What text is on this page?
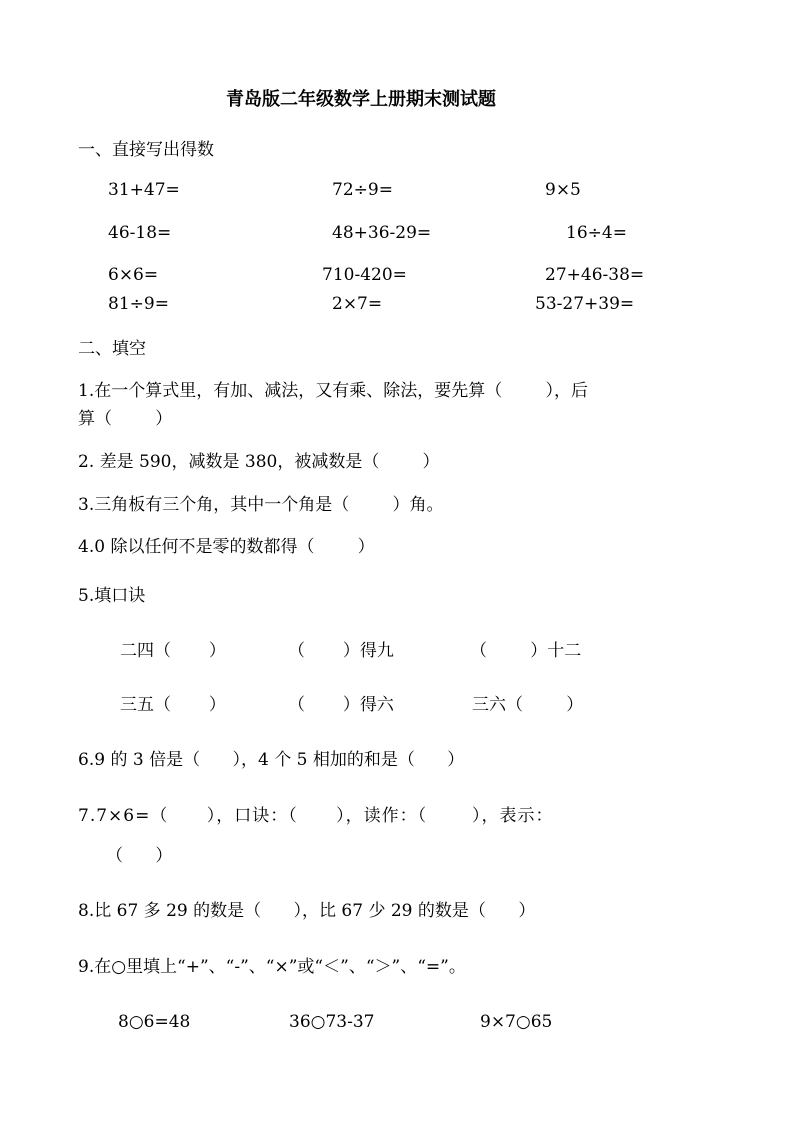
青岛版二年级数学上册期末测试题
一、直接写出得数
31+47=	72÷9=	9×5
46-18=	48+36-29=	16÷4=
6×6=	710-420=	27+46-38=
81÷9=	2×7=	53-27+39=
二、填空
1.在一个算式里，有加、减法，又有乘、除法，要先算（        ），后
算（        ）
2. 差是 590，减数是 380，被减数是（        ）
3.三角板有三个角，其中一个角是（        ）角。
4.0 除以任何不是零的数都得（        ）
5.填口诀
二四（       ）	（       ）得九	（        ）十二
三五（       ）	（       ）得六	三六（        ）
6.9 的 3 倍是（      ），4 个 5 相加的和是（      ）
7.7×6=（      ），口诀：（      ），读作：（       ），表示：
（      ）
8.比 67 多 29 的数是（      ），比 67 少 29 的数是（      ）
9.在○里填上“+”、“-”、“×”或“＜”、“＞”、“=”。
8○6=48	36○73-37	9×7○65
